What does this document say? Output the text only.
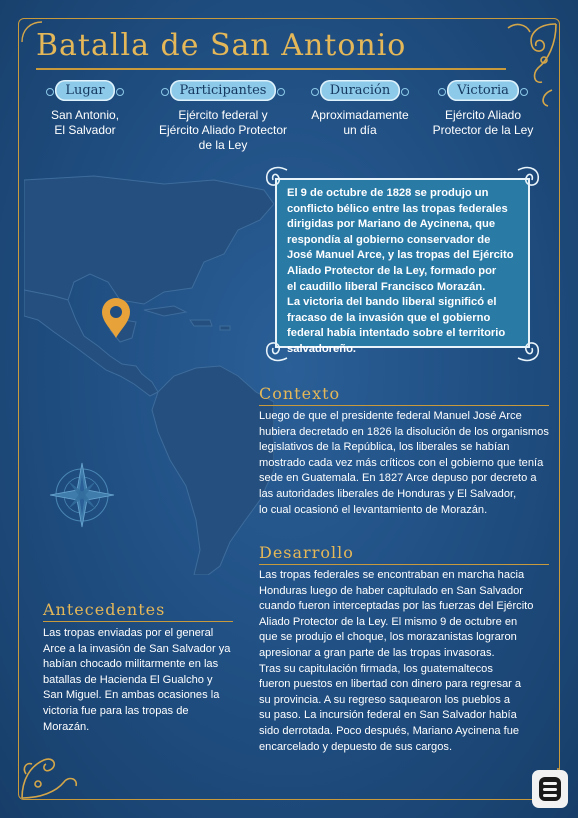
Batalla de San Antonio
Lugar
San Antonio,
El Salvador
Participantes
Ejército federal y
Ejército Aliado Protector
de la Ley
Duración
Aproximadamente
un día
Victoria
Ejército Aliado
Protector de la Ley

El 9 de octubre de 1828 se produjo un
conflicto bélico entre las tropas federales
dirigidas por Mariano de Aycinena, que
respondía al gobierno conservador de
José Manuel Arce, y las tropas del Ejército
Aliado Protector de la Ley, formado por
el caudillo liberal Francisco Morazán.
La victoria del bando liberal significó el
fracaso de la invasión que el gobierno
federal había intentado sobre el territorio
salvadoreño.

Contexto

Luego de que el presidente federal Manuel José Arce
hubiera decretado en 1826 la disolución de los organismos
legislativos de la República, los liberales se habían
mostrado cada vez más críticos con el gobierno que tenía
sede en Guatemala. En 1827 Arce depuso por decreto a
las autoridades liberales de Honduras y El Salvador,
lo cual ocasionó el levantamiento de Morazán.

Desarrollo

Las tropas federales se encontraban en marcha hacia
Honduras luego de haber capitulado en San Salvador
cuando fueron interceptadas por las fuerzas del Ejército
Aliado Protector de la Ley. El mismo 9 de octubre en
que se produjo el choque, los morazanistas lograron
apresionar a gran parte de las tropas invasoras.
Tras su capitulación firmada, los guatemaltecos
fueron puestos en libertad con dinero para regresar a
su provincia. A su regreso saquearon los pueblos a
su paso. La incursión federal en San Salvador había
sido derrotada. Poco después, Mariano Aycinena fue
encarcelado y depuesto de sus cargos.

Antecedentes

Las tropas enviadas por el general
Arce a la invasión de San Salvador ya
habían chocado militarmente en las
batallas de Hacienda El Gualcho y
San Miguel. En ambas ocasiones la
victoria fue para las tropas de
Morazán.
